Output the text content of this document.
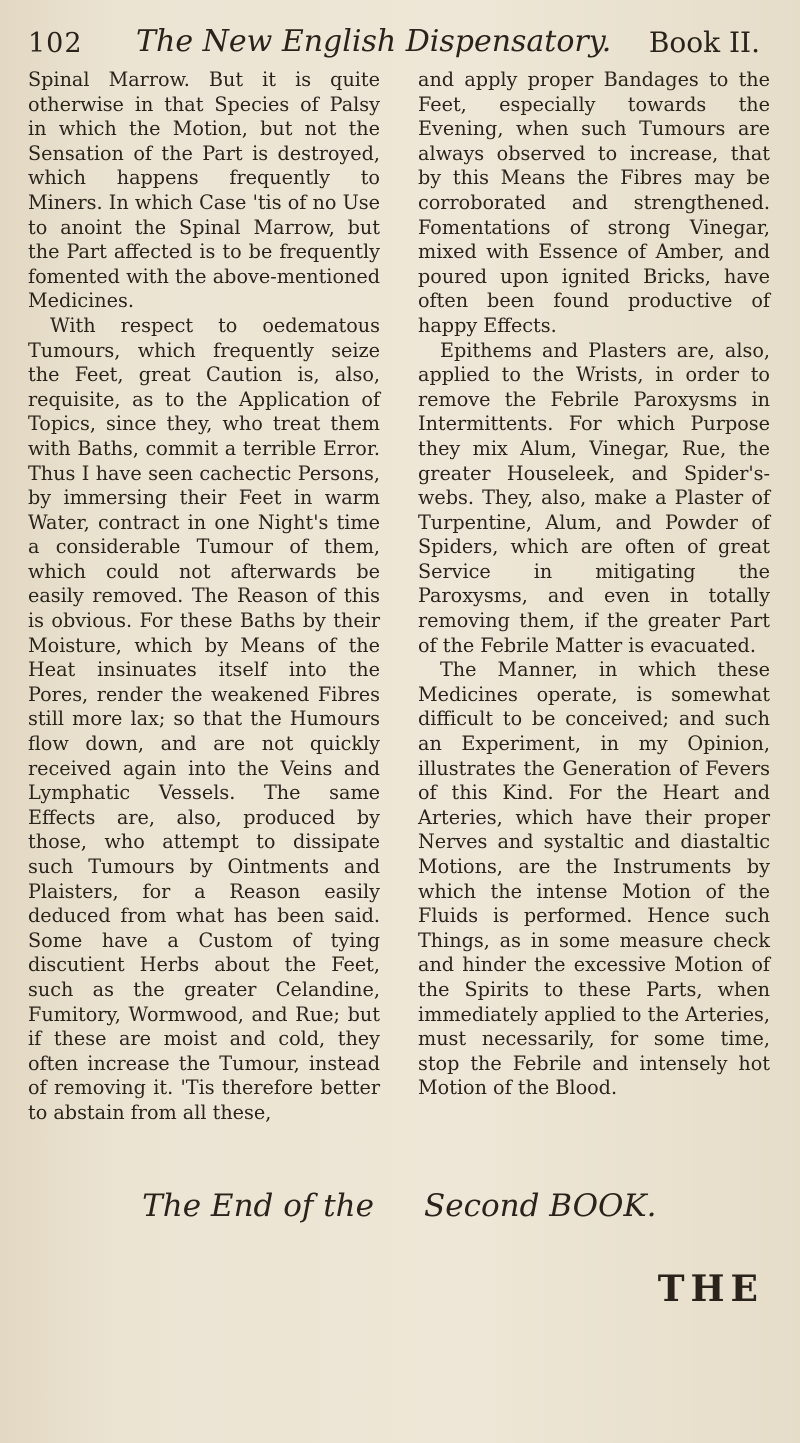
102 The New English Dispensatory. Book II.

Spinal Marrow. But it is quite otherwise in that Species of Palsy in which the Motion, but not the Sensation of the Part is destroyed, which happens frequently to Miners. In which Case 'tis of no Use to anoint the Spinal Marrow, but the Part affected is to be frequently fomented with the above-mentioned Medicines.

With respect to oedematous Tumours, which frequently seize the Feet, great Caution is, also, requisite, as to the Application of Topics, since they, who treat them with Baths, commit a terrible Error. Thus I have seen cachectic Persons, by immersing their Feet in warm Water, contract in one Night's time a considerable Tumour of them, which could not afterwards be easily removed. The Reason of this is obvious. For these Baths by their Moisture, which by Means of the Heat insinuates itself into the Pores, render the weakened Fibres still more lax; so that the Humours flow down, and are not quickly received again into the Veins and Lymphatic Vessels. The same Effects are, also, produced by those, who attempt to dissipate such Tumours by Ointments and Plaisters, for a Reason easily deduced from what has been said. Some have a Custom of tying discutient Herbs about the Feet, such as the greater Celandine, Fumitory, Wormwood, and Rue; but if these are moist and cold, they often increase the Tumour, instead of removing it. 'Tis therefore better to abstain from all these,

and apply proper Bandages to the Feet, especially towards the Evening, when such Tumours are always observed to increase, that by this Means the Fibres may be corroborated and strengthened. Fomentations of strong Vinegar, mixed with Essence of Amber, and poured upon ignited Bricks, have often been found productive of happy Effects.

Epithems and Plasters are, also, applied to the Wrists, in order to remove the Febrile Paroxysms in Intermittents. For which Purpose they mix Alum, Vinegar, Rue, the greater Houseleek, and Spider's-webs. They, also, make a Plaster of Turpentine, Alum, and Powder of Spiders, which are often of great Service in mitigating the Paroxysms, and even in totally removing them, if the greater Part of the Febrile Matter is evacuated.

The Manner, in which these Medicines operate, is somewhat difficult to be conceived; and such an Experiment, in my Opinion, illustrates the Generation of Fevers of this Kind. For the Heart and Arteries, which have their proper Nerves and systaltic and diastaltic Motions, are the Instruments by which the intense Motion of the Fluids is performed. Hence such Things, as in some measure check and hinder the excessive Motion of the Spirits to these Parts, when immediately applied to the Arteries, must necessarily, for some time, stop the Febrile and intensely hot Motion of the Blood.

The End of the Second BOOK.
THE
